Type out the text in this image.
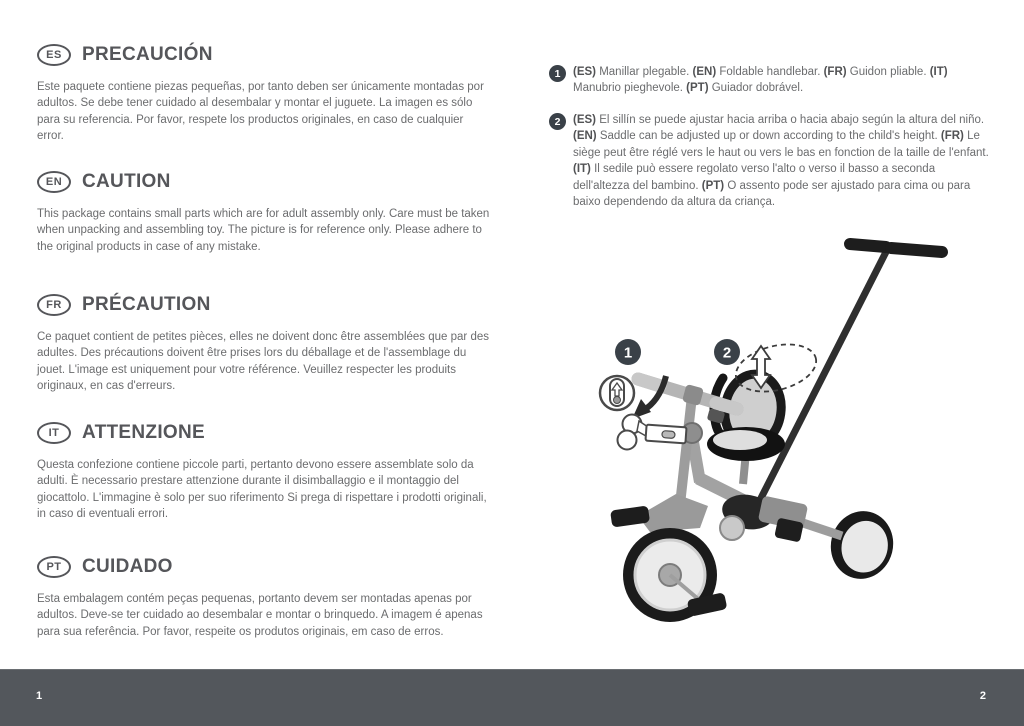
ES	PRECAUCIÓN
Este paquete contiene piezas pequeñas, por tanto deben ser únicamente montadas por adultos. Se debe tener cuidado al desembalar y montar el juguete. La imagen es sólo para su referencia. Por favor, respete los productos originales, en caso de cualquier error.
EN	CAUTION
This package contains small parts which are for adult assembly only. Care must be taken when unpacking and assembling toy. The picture is for reference only. Please adhere to the original products in case of any mistake.
FR	PRÉCAUTION
Ce paquet contient de petites pièces, elles ne doivent donc être assemblées que par des adultes. Des précautions doivent être prises lors du déballage et de l'assemblage du jouet. L'image est uniquement pour votre référence. Veuillez respecter les produits originaux, en cas d'erreurs.
IT	ATTENZIONE
Questa confezione contiene piccole parti, pertanto devono essere assemblate solo da adulti. È necessario prestare attenzione durante il disimballaggio e il montaggio del giocattolo. L'immagine è solo per suo riferimento Si prega di rispettare i prodotti originali, in caso di eventuali errori.
PT	CUIDADO
Esta embalagem contém peças pequenas, portanto devem ser montadas apenas por adultos. Deve-se ter cuidado ao desembalar e montar o brinquedo. A imagem é apenas para sua referência. Por favor, respeite os produtos originais, em caso de erros.
1	(ES) Manillar plegable. (EN) Foldable handlebar. (FR) Guidon pliable. (IT) Manubrio pieghevole. (PT) Guiador dobrável.
2	(ES) El sillín se puede ajustar hacia arriba o hacia abajo según la altura del niño. (EN) Saddle can be adjusted up or down according to the child's height. (FR) Le siège peut être réglé vers le haut ou vers le bas en fonction de la taille de l'enfant. (IT) Il sedile può essere regolato verso l'alto o verso il basso a seconda dell'altezza del bambino. (PT) O assento pode ser ajustado para cima ou para baixo dependendo da altura da criança.
1	2
1	2
